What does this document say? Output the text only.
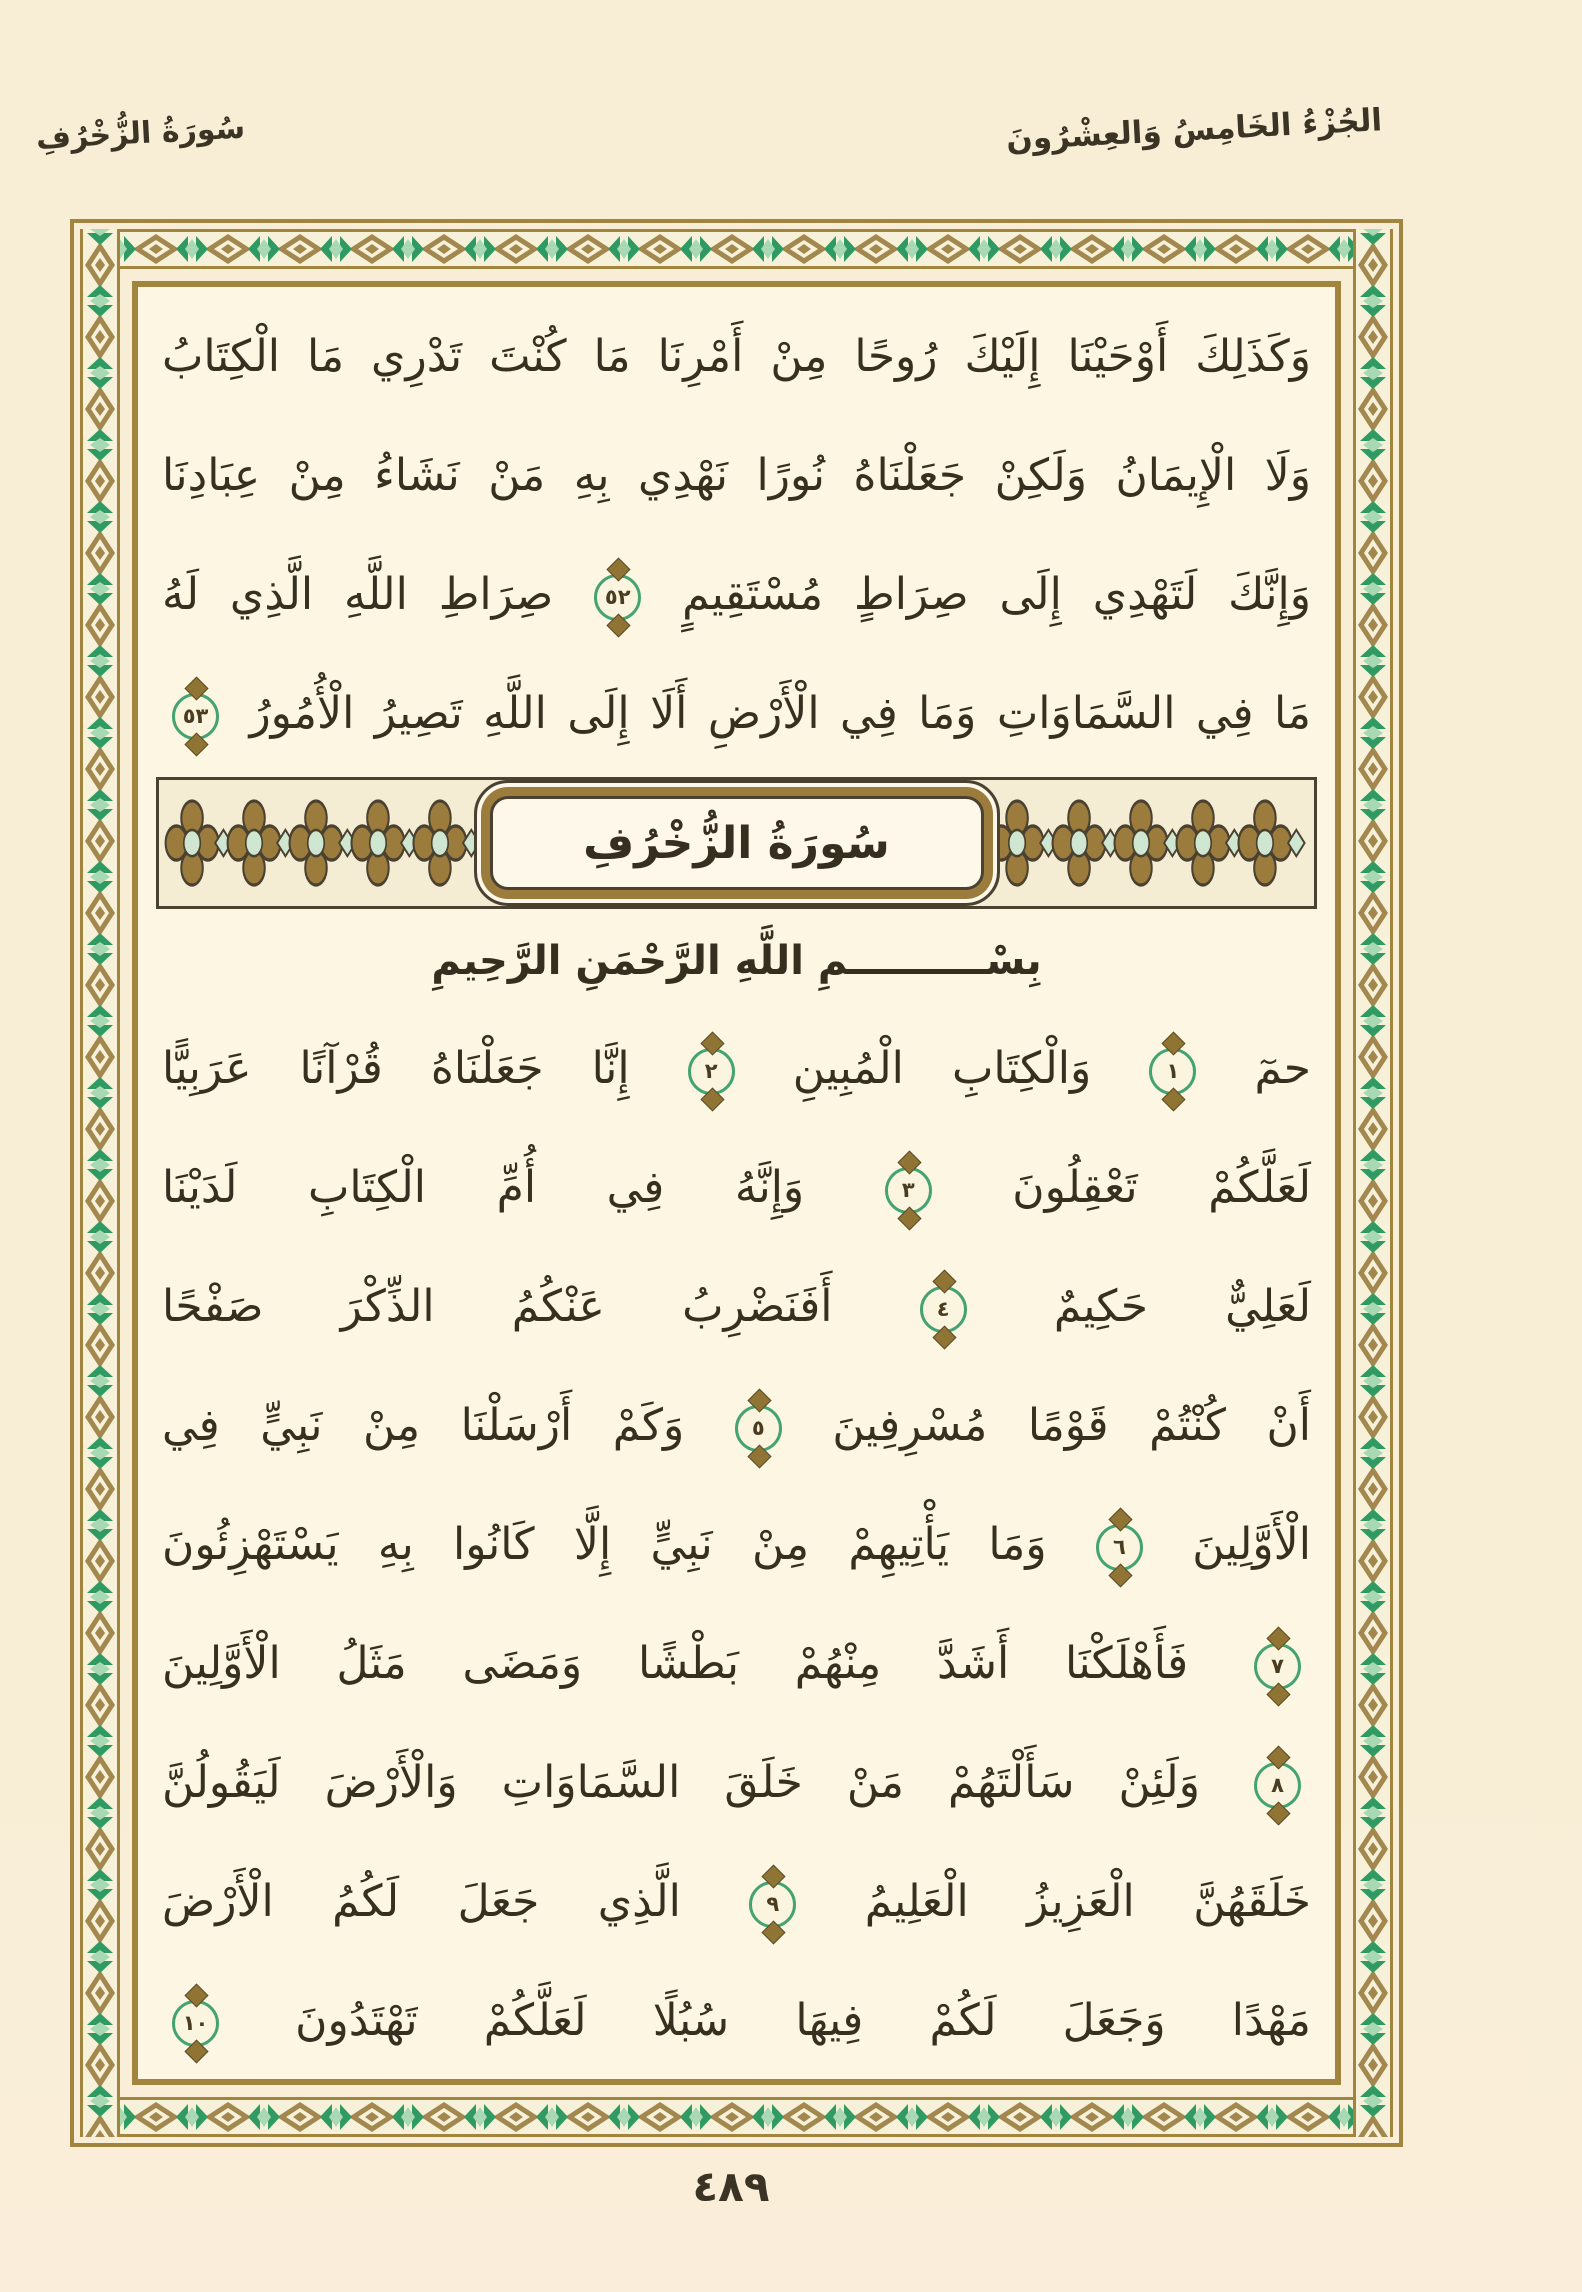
سُورَةُ الزُّخْرُفِ	الجُزْءُ الخَامِسُ وَالعِشْرُونَ
وَكَذَلِكَ أَوْحَيْنَا إِلَيْكَ رُوحًا مِنْ أَمْرِنَا مَا كُنْتَ تَدْرِي مَا الْكِتَابُ
وَلَا الْإِيمَانُ وَلَكِنْ جَعَلْنَاهُ نُورًا نَهْدِي بِهِ مَنْ نَشَاءُ مِنْ عِبَادِنَا
وَإِنَّكَ لَتَهْدِي إِلَى صِرَاطٍ مُسْتَقِيمٍ ٥٢ صِرَاطِ اللَّهِ الَّذِي لَهُ
مَا فِي السَّمَاوَاتِ وَمَا فِي الْأَرْضِ أَلَا إِلَى اللَّهِ تَصِيرُ الْأُمُورُ ٥٣
سُورَةُ الزُّخْرُفِ
بِسْــــــــــمِ اللَّهِ الرَّحْمَنِ الرَّحِيمِ
حمٓ ١ وَالْكِتَابِ الْمُبِينِ ٢ إِنَّا جَعَلْنَاهُ قُرْآنًا عَرَبِيًّا
لَعَلَّكُمْ تَعْقِلُونَ ٣ وَإِنَّهُ فِي أُمِّ الْكِتَابِ لَدَيْنَا
لَعَلِيٌّ حَكِيمٌ ٤ أَفَنَضْرِبُ عَنْكُمُ الذِّكْرَ صَفْحًا
أَنْ كُنْتُمْ قَوْمًا مُسْرِفِينَ ٥ وَكَمْ أَرْسَلْنَا مِنْ نَبِيٍّ فِي
الْأَوَّلِينَ ٦ وَمَا يَأْتِيهِمْ مِنْ نَبِيٍّ إِلَّا كَانُوا بِهِ يَسْتَهْزِئُونَ
٧ فَأَهْلَكْنَا أَشَدَّ مِنْهُمْ بَطْشًا وَمَضَى مَثَلُ الْأَوَّلِينَ
٨ وَلَئِنْ سَأَلْتَهُمْ مَنْ خَلَقَ السَّمَاوَاتِ وَالْأَرْضَ لَيَقُولُنَّ
خَلَقَهُنَّ الْعَزِيزُ الْعَلِيمُ ٩ الَّذِي جَعَلَ لَكُمُ الْأَرْضَ
مَهْدًا وَجَعَلَ لَكُمْ فِيهَا سُبُلًا لَعَلَّكُمْ تَهْتَدُونَ ١٠
٤٨٩
